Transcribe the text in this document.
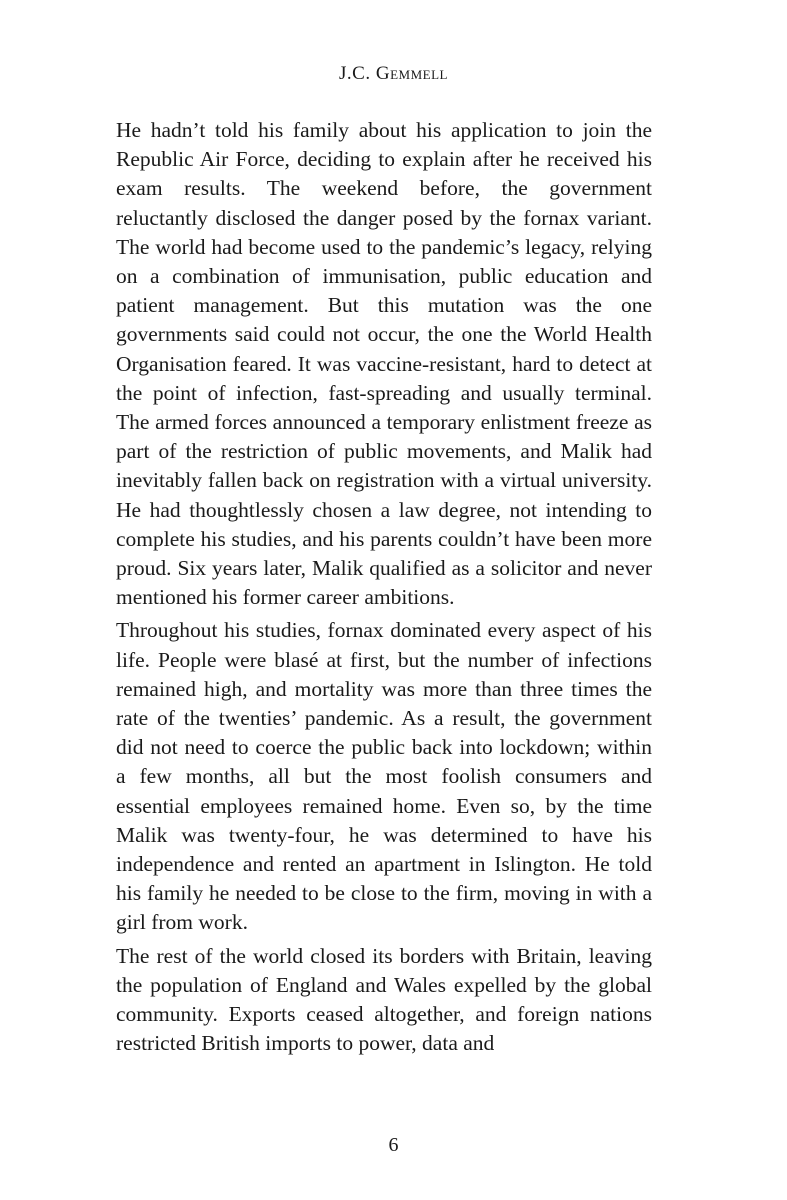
J.C. Gemmell

He hadn’t told his family about his application to join the Republic Air Force, deciding to explain after he received his exam results. The weekend before, the government reluctantly disclosed the danger posed by the fornax variant. The world had become used to the pandemic’s legacy, relying on a combination of immunisation, public education and patient management. But this mutation was the one governments said could not occur, the one the World Health Organisation feared. It was vaccine-resistant, hard to detect at the point of infection, fast-spreading and usually terminal. The armed forces announced a temporary enlistment freeze as part of the restriction of public movements, and Malik had inevitably fallen back on registration with a virtual university. He had thoughtlessly chosen a law degree, not intending to complete his studies, and his parents couldn’t have been more proud. Six years later, Malik qualified as a solicitor and never mentioned his former career ambitions.

Throughout his studies, fornax dominated every aspect of his life. People were blasé at first, but the number of infections remained high, and mortality was more than three times the rate of the twenties’ pandemic. As a result, the government did not need to coerce the public back into lockdown; within a few months, all but the most foolish consumers and essential employees remained home. Even so, by the time Malik was twenty-four, he was determined to have his independence and rented an apartment in Islington. He told his family he needed to be close to the firm, moving in with a girl from work.

The rest of the world closed its borders with Britain, leaving the population of England and Wales expelled by the global community. Exports ceased altogether, and foreign nations restricted British imports to power, data and

6
